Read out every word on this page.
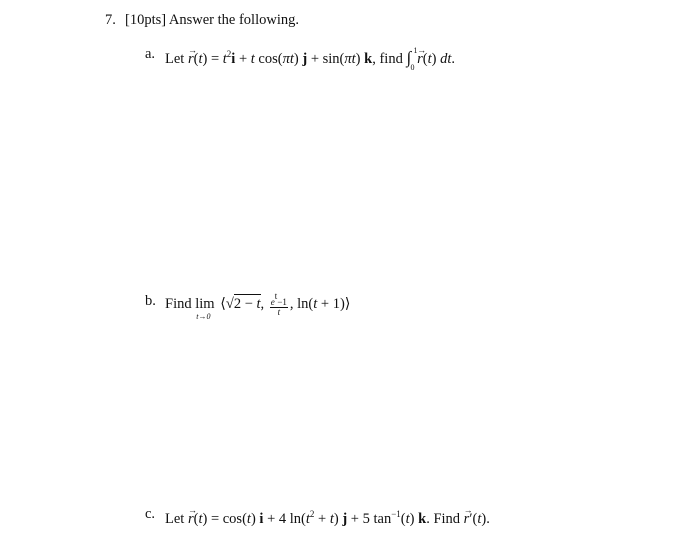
7. [10pts] Answer the following.
a. Let → $r(t) = t^2i + t$ cos(πt) j + sin(πt) k, find ∫ 1
0
→ r(t) dt.
b. Find lim
t→0
⟨√2 − t, $\frac{e^t-1}{t}$ , ln(t + 1)⟩
c. Let → r(t) = cos(t) i + 4 $\ln(t^2 + t) j + 5$ $\tan^{-1}(t)$ k. Find → r′(t).
